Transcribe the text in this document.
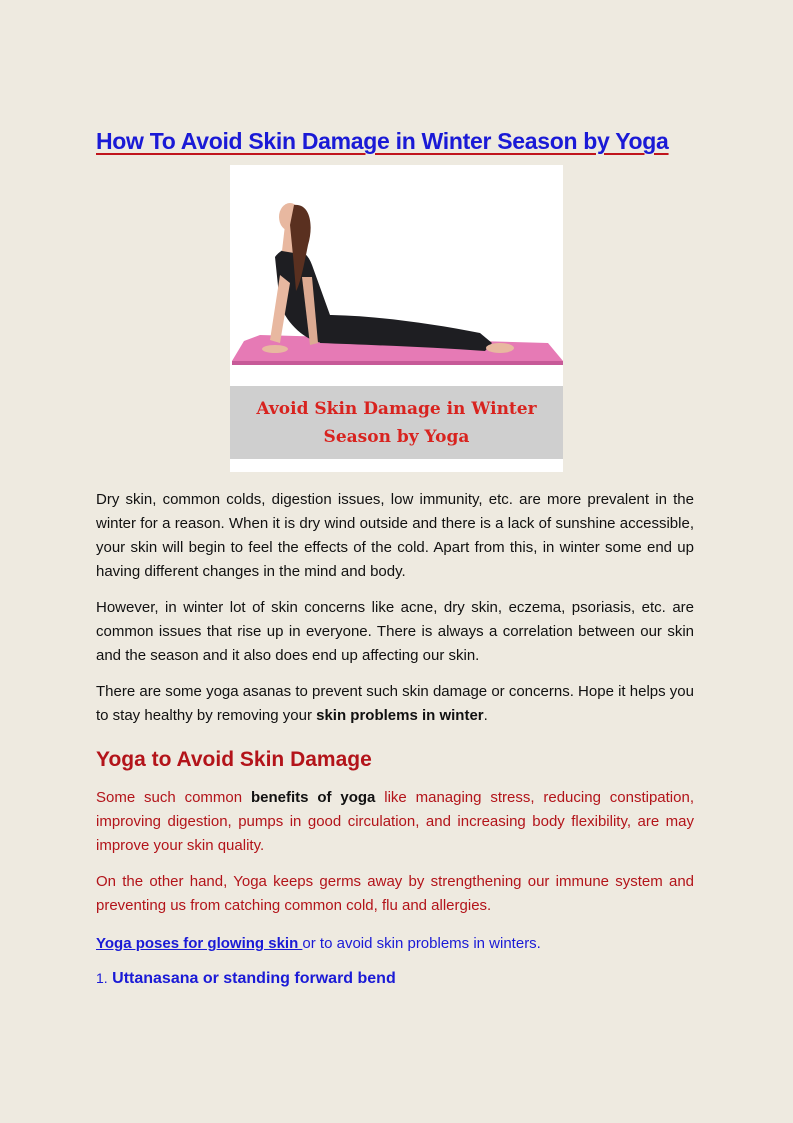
How To Avoid Skin Damage in Winter Season by Yoga
Avoid Skin Damage in Winter Season by Yoga

Dry skin, common colds, digestion issues, low immunity, etc. are more prevalent in the winter for a reason. When it is dry wind outside and there is a lack of sunshine accessible, your skin will begin to feel the effects of the cold. Apart from this, in winter some end up having different changes in the mind and body.

However, in winter lot of skin concerns like acne, dry skin, eczema, psoriasis, etc. are common issues that rise up in everyone. There is always a correlation between our skin and the season and it also does end up affecting our skin.

There are some yoga asanas to prevent such skin damage or concerns. Hope it helps you to stay healthy by removing your skin problems in winter.

Yoga to Avoid Skin Damage

Some such common benefits of yoga like managing stress, reducing constipation, improving digestion, pumps in good circulation, and increasing body flexibility, are may improve your skin quality.

On the other hand, Yoga keeps germs away by strengthening our immune system and preventing us from catching common cold, flu and allergies.

Yoga poses for glowing skin or to avoid skin problems in winters.

1. Uttanasana or standing forward bend
